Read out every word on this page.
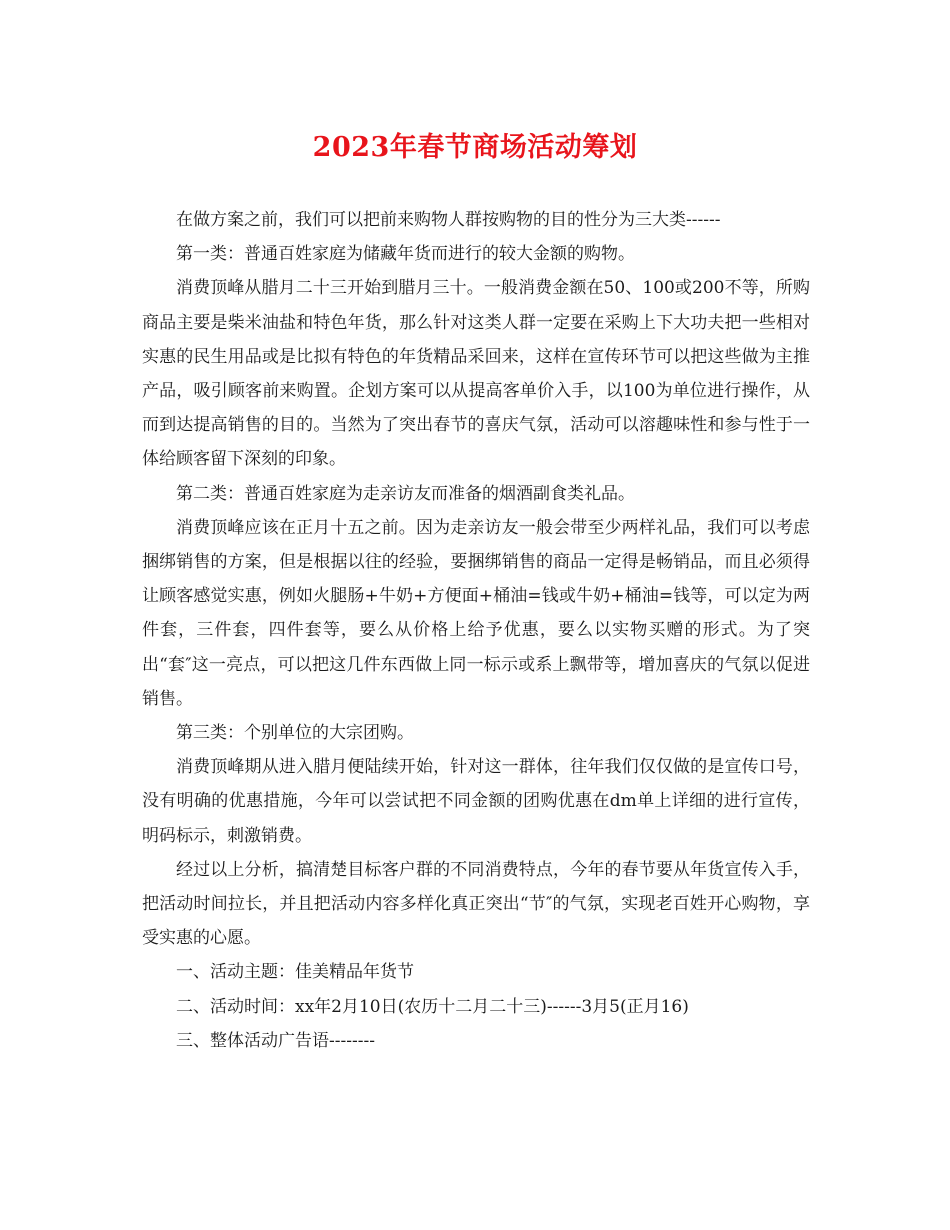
2023年春节商场活动筹划

在做方案之前，我们可以把前来购物人群按购物的目的性分为三大类------

第一类：普通百姓家庭为储藏年货而进行的较大金额的购物。

消费顶峰从腊月二十三开始到腊月三十。一般消费金额在50、100或200不等，所购商品主要是柴米油盐和特色年货，那么针对这类人群一定要在采购上下大功夫把一些相对实惠的民生用品或是比拟有特色的年货精品采回来，这样在宣传环节可以把这些做为主推产品，吸引顾客前来购置。企划方案可以从提高客单价入手，以100为单位进行操作，从而到达提高销售的目的。当然为了突出春节的喜庆气氛，活动可以溶趣味性和参与性于一体给顾客留下深刻的印象。

第二类：普通百姓家庭为走亲访友而准备的烟酒副食类礼品。

消费顶峰应该在正月十五之前。因为走亲访友一般会带至少两样礼品，我们可以考虑捆绑销售的方案，但是根据以往的经验，要捆绑销售的商品一定得是畅销品，而且必须得让顾客感觉实惠，例如火腿肠+牛奶+方便面+桶油=钱或牛奶+桶油=钱等，可以定为两件套，三件套，四件套等，要么从价格上给予优惠，要么以实物买赠的形式。为了突出“套″这一亮点，可以把这几件东西做上同一标示或系上飘带等，增加喜庆的气氛以促进销售。

第三类：个别单位的大宗团购。

消费顶峰期从进入腊月便陆续开始，针对这一群体，往年我们仅仅做的是宣传口号，没有明确的优惠措施，今年可以尝试把不同金额的团购优惠在dm单上详细的进行宣传，明码标示，刺激销费。

经过以上分析，搞清楚目标客户群的不同消费特点，今年的春节要从年货宣传入手，把活动时间拉长，并且把活动内容多样化真正突出“节″的气氛，实现老百姓开心购物，享受实惠的心愿。

一、活动主题：佳美精品年货节

二、活动时间：xx年2月10日(农历十二月二十三)------3月5(正月16)

三、整体活动广告语--------
